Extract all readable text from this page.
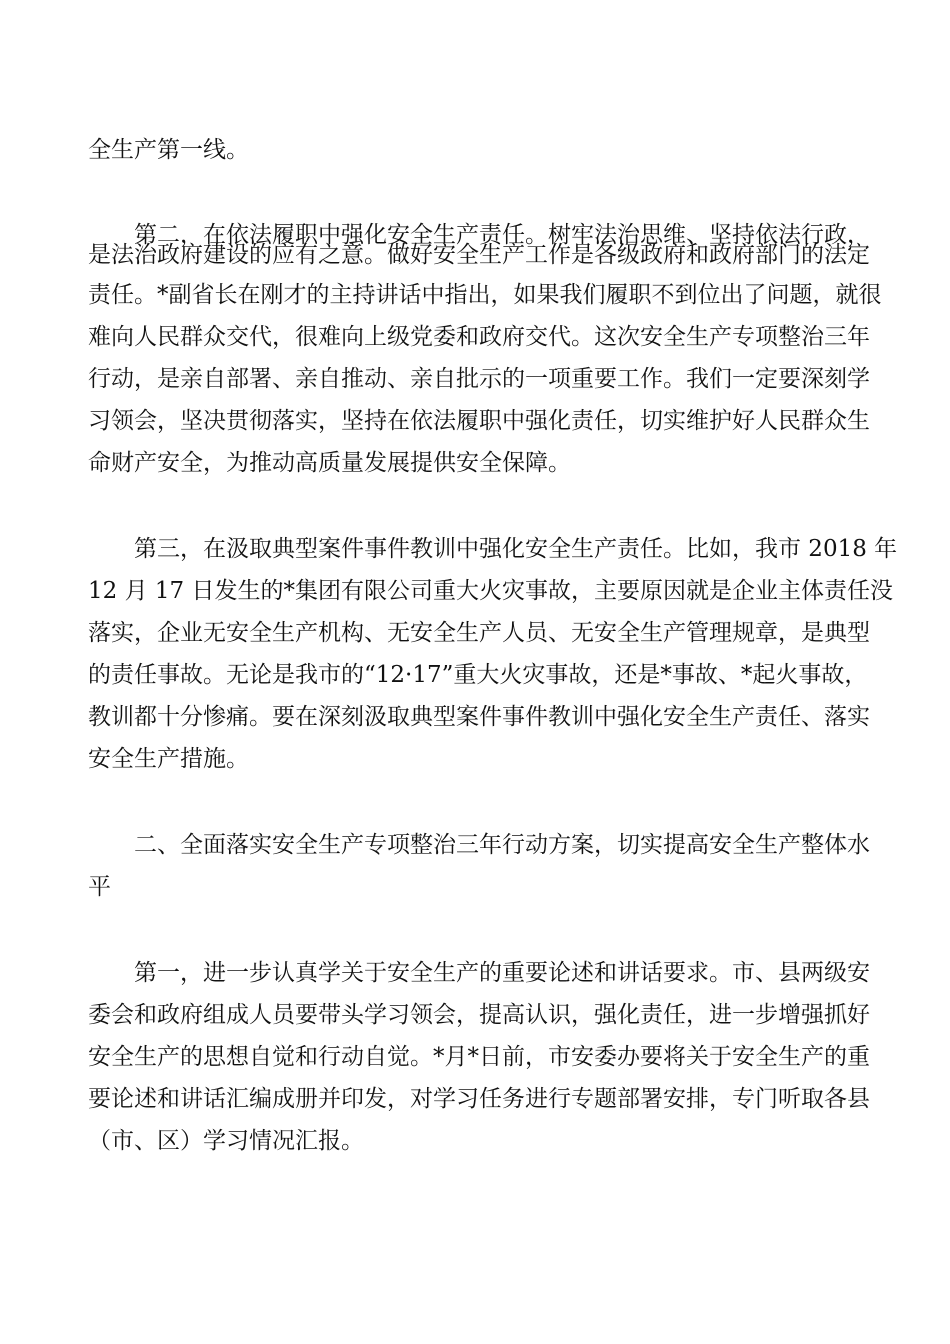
全生产第一线。
第二，在依法履职中强化安全生产责任。树牢法治思维、坚持依法行政，
是法治政府建设的应有之意。做好安全生产工作是各级政府和政府部门的法定
责任。*副省长在刚才的主持讲话中指出，如果我们履职不到位出了问题，就很
难向人民群众交代，很难向上级党委和政府交代。这次安全生产专项整治三年
行动，是亲自部署、亲自推动、亲自批示的一项重要工作。我们一定要深刻学
习领会，坚决贯彻落实，坚持在依法履职中强化责任，切实维护好人民群众生
命财产安全，为推动高质量发展提供安全保障。
第三，在汲取典型案件事件教训中强化安全生产责任。比如，我市 2018 年
12 月 17 日发生的*集团有限公司重大火灾事故，主要原因就是企业主体责任没
落实，企业无安全生产机构、无安全生产人员、无安全生产管理规章，是典型
的责任事故。无论是我市的“12·17”重大火灾事故，还是*事故、*起火事故，
教训都十分惨痛。要在深刻汲取典型案件事件教训中强化安全生产责任、落实
安全生产措施。
二、全面落实安全生产专项整治三年行动方案，切实提高安全生产整体水
平
第一，进一步认真学关于安全生产的重要论述和讲话要求。市、县两级安
委会和政府组成人员要带头学习领会，提高认识，强化责任，进一步增强抓好
安全生产的思想自觉和行动自觉。*月*日前，市安委办要将关于安全生产的重
要论述和讲话汇编成册并印发，对学习任务进行专题部署安排，专门听取各县
（市、区）学习情况汇报。
